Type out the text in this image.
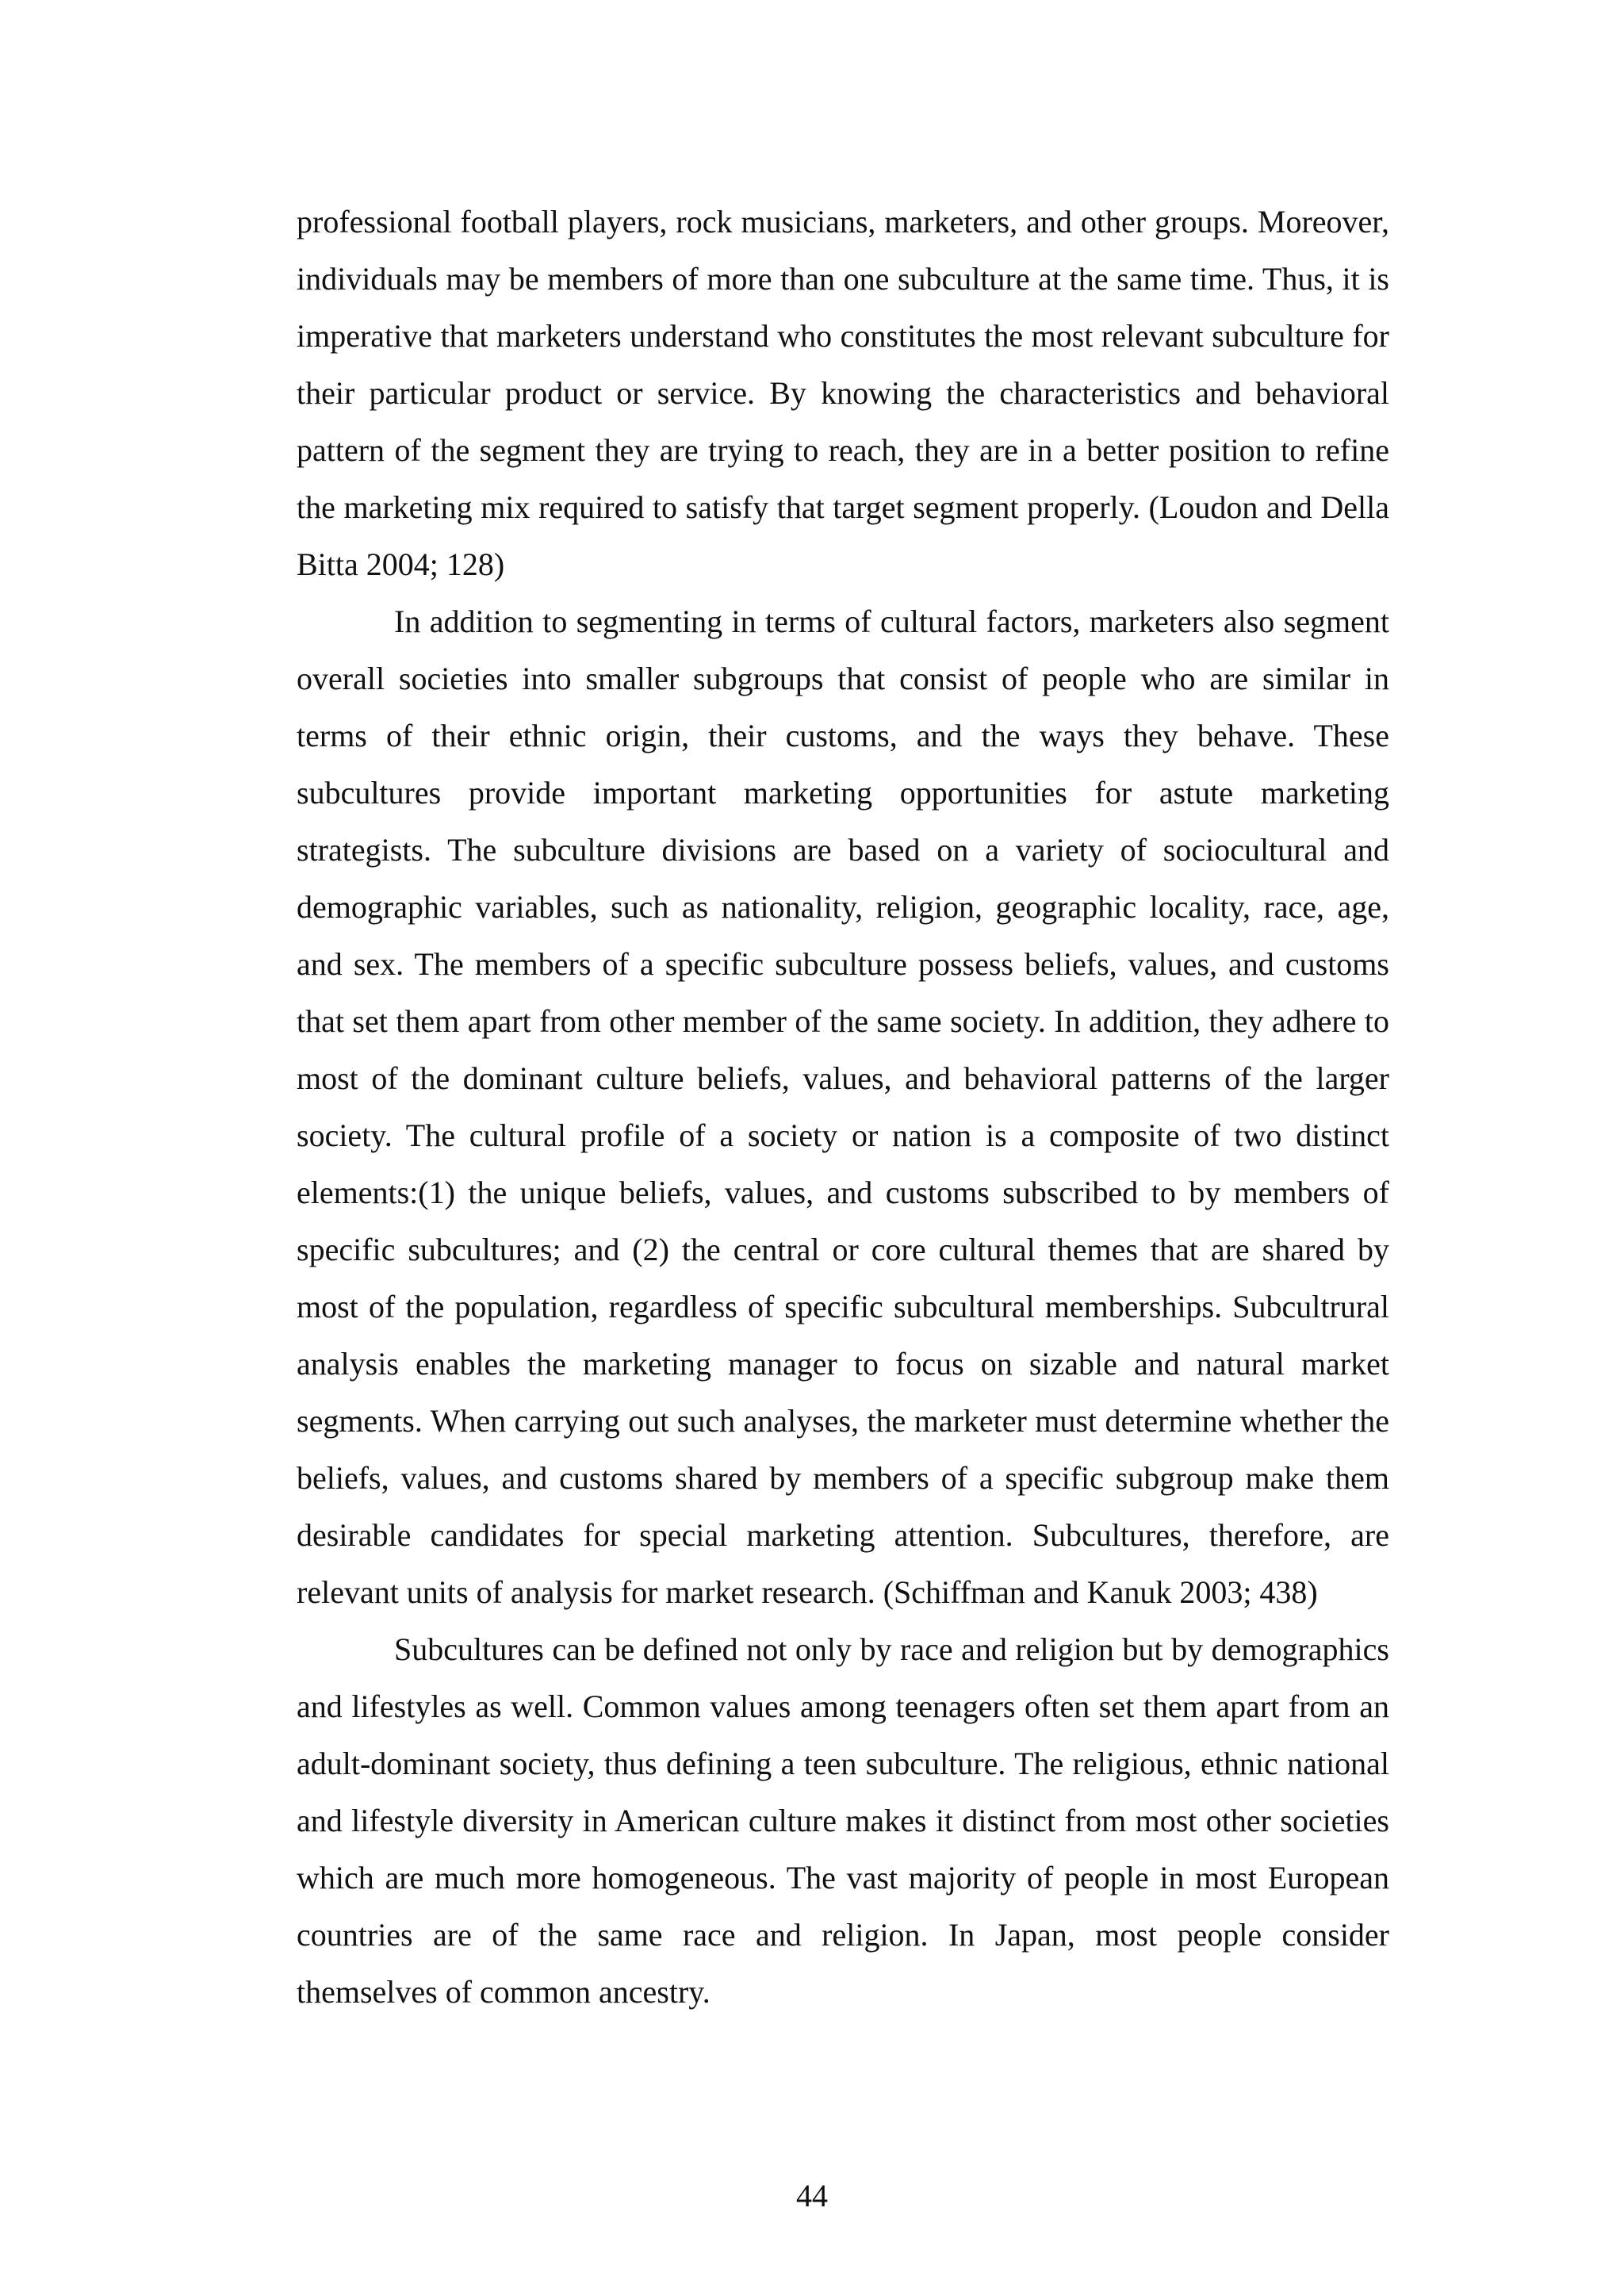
professional football players, rock musicians, marketers, and other groups. Moreover, individuals may be members of more than one subculture at the same time. Thus, it is imperative that marketers understand who constitutes the most relevant subculture for their particular product or service. By knowing the characteristics and behavioral pattern of the segment they are trying to reach, they are in a better position to refine the marketing mix required to satisfy that target segment properly. (Loudon and Della Bitta 2004; 128)

In addition to segmenting in terms of cultural factors, marketers also segment overall societies into smaller subgroups that consist of people who are similar in terms of their ethnic origin, their customs, and the ways they behave. These subcultures provide important marketing opportunities for astute marketing strategists. The subculture divisions are based on a variety of sociocultural and demographic variables, such as nationality, religion, geographic locality, race, age, and sex. The members of a specific subculture possess beliefs, values, and customs that set them apart from other member of the same society. In addition, they adhere to most of the dominant culture beliefs, values, and behavioral patterns of the larger society. The cultural profile of a society or nation is a composite of two distinct elements:(1) the unique beliefs, values, and customs subscribed to by members of specific subcultures; and (2) the central or core cultural themes that are shared by most of the population, regardless of specific subcultural memberships. Subcultrural analysis enables the marketing manager to focus on sizable and natural market segments. When carrying out such analyses, the marketer must determine whether the beliefs, values, and customs shared by members of a specific subgroup make them desirable candidates for special marketing attention. Subcultures, therefore, are relevant units of analysis for market research. (Schiffman and Kanuk 2003; 438)

Subcultures can be defined not only by race and religion but by demographics and lifestyles as well. Common values among teenagers often set them apart from an adult-dominant society, thus defining a teen subculture. The religious, ethnic national and lifestyle diversity in American culture makes it distinct from most other societies which are much more homogeneous. The vast majority of people in most European countries are of the same race and religion. In Japan, most people consider themselves of common ancestry.

44
